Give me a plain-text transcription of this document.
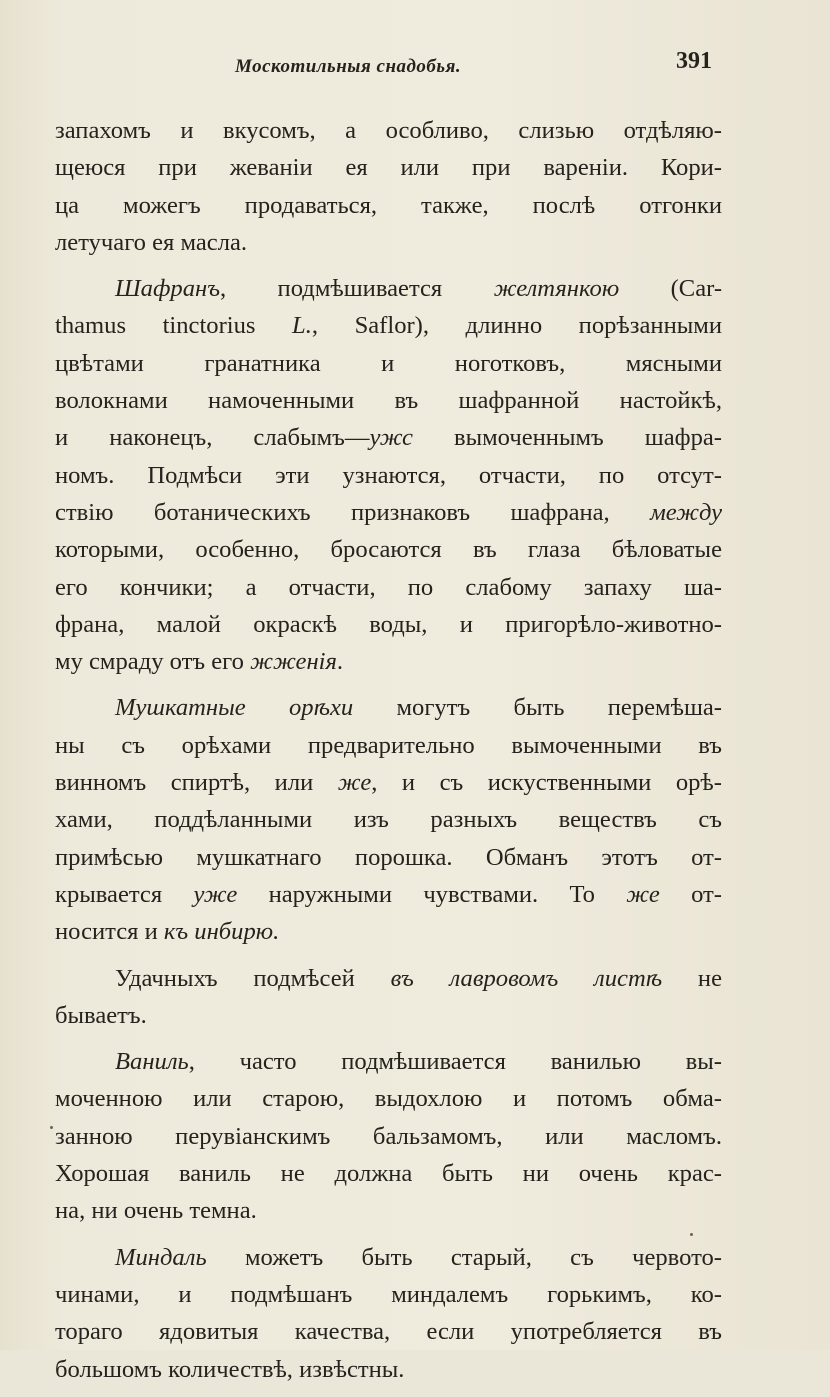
Москотильныя снадобья.	391
запахомъ и вкусомъ, а особливо, слизью отдѣляю-
щеюся при жеваніи ея или при вареніи. Кори-
ца можегъ продаваться, также, послѣ отгонки
летучаго ея масла.
Шафранъ, подмѣшивается желтянкою (Car-
thamus tinctorius L., Saflor), длинно порѣзанными
цвѣтами гранатника и ноготковъ, мясными
волокнами намоченными въ шафранной настойкѣ,
и наконецъ, слабымъ—ужс вымоченнымъ шафра-
номъ. Подмѣси эти узнаются, отчасти, по отсут-
ствію ботаническихъ признаковъ шафрана, между
которыми, особенно, бросаются въ глаза бѣловатые
его кончики; а отчасти, по слабому запаху ша-
франа, малой окраскѣ воды, и пригорѣло-животно-
му смраду отъ его жженія.
Мушкатные орѣхи могутъ быть перемѣша-
ны съ орѣхами предварительно вымоченными въ
винномъ спиртѣ, или же, и съ искуственными орѣ-
хами, поддѣланными изъ разныхъ веществъ съ
примѣсью мушкатнаго порошка. Обманъ этотъ от-
крывается уже наружными чувствами. То же от-
носится и къ инбирю.
Удачныхъ подмѣсей въ лавровомъ листѣ не
бываетъ.
Ваниль, часто подмѣшивается ванилью вы-
моченною или старою, выдохлою и потомъ обма-
занною перувіанскимъ бальзамомъ, или масломъ.
Хорошая ваниль не должна быть ни очень крас-
на, ни очень темна.
Миндаль можетъ быть старый, съ червото-
чинами, и подмѣшанъ миндалемъ горькимъ, ко-
тораго ядовитыя качества, если употребляется въ
большомъ количествѣ, извѣстны.
